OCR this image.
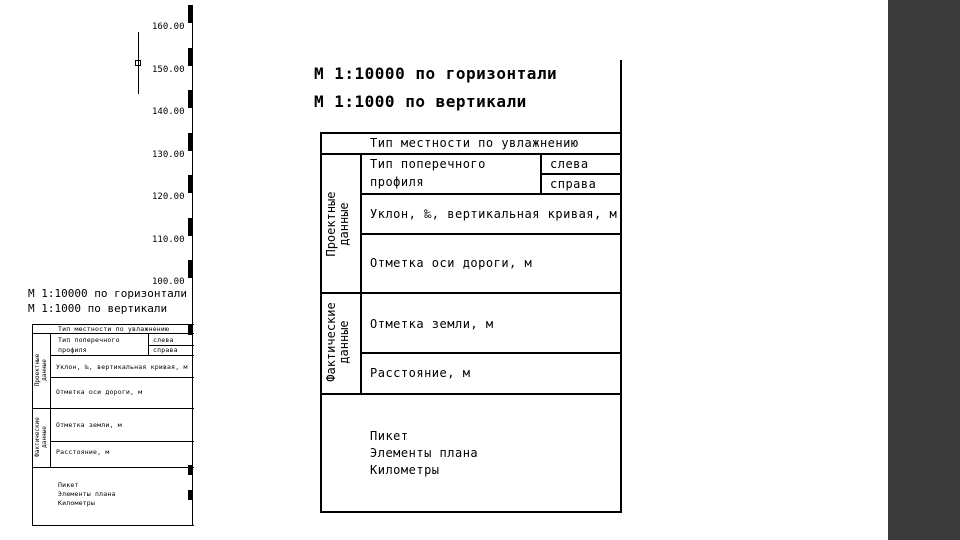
160.00
150.00
140.00
130.00
120.00
110.00
100.00
М 1:10000 по горизонтали
М 1:1000 по вертикали
Тип местности по увлажнению
Тип поперечного
профиля
слева
справа
Уклон, ‰, вертикальная кривая, м
Отметка оси дороги, м
Отметка земли, м
Расстояние, м
Пикет
Элементы плана
Километры
Проектные данные
Фактические данные
М 1:10000 по горизонтали
М 1:1000 по вертикали
Тип местности по увлажнению
Тип поперечного
профиля
слева
справа
Уклон, ‰, вертикальная кривая, м
Отметка оси дороги, м
Отметка земли, м
Расстояние, м
Пикет
Элементы плана
Километры
Проектные данные
Фактические данные
